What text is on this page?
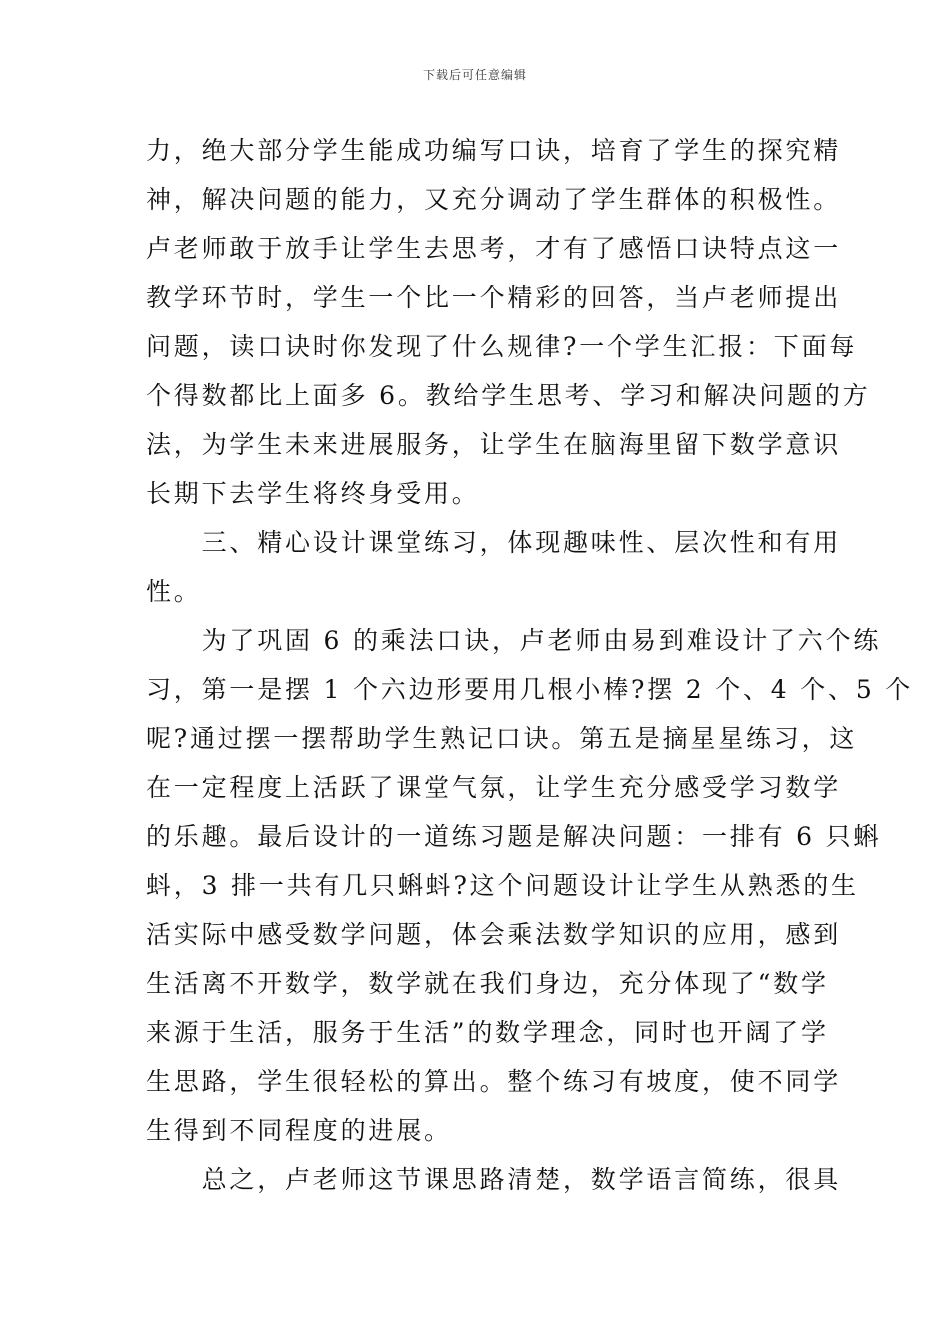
下载后可任意编辑
力，绝大部分学生能成功编写口诀，培育了学生的探究精
神，解决问题的能力，又充分调动了学生群体的积极性。
卢老师敢于放手让学生去思考，才有了感悟口诀特点这一
教学环节时，学生一个比一个精彩的回答，当卢老师提出
问题，读口诀时你发现了什么规律?一个学生汇报：下面每
个得数都比上面多 6。教给学生思考、学习和解决问题的方
法，为学生未来进展服务，让学生在脑海里留下数学意识
长期下去学生将终身受用。
　　三、精心设计课堂练习，体现趣味性、层次性和有用
性。
　　为了巩固 6 的乘法口诀，卢老师由易到难设计了六个练
习，第一是摆 1 个六边形要用几根小棒?摆 2 个、4 个、5 个
呢?通过摆一摆帮助学生熟记口诀。第五是摘星星练习，这
在一定程度上活跃了课堂气氛，让学生充分感受学习数学
的乐趣。最后设计的一道练习题是解决问题：一排有 6 只蝌
蚪，3 排一共有几只蝌蚪?这个问题设计让学生从熟悉的生
活实际中感受数学问题，体会乘法数学知识的应用，感到
生活离不开数学，数学就在我们身边，充分体现了“数学
来源于生活，服务于生活”的数学理念，同时也开阔了学
生思路，学生很轻松的算出。整个练习有坡度，使不同学
生得到不同程度的进展。
　　总之，卢老师这节课思路清楚，数学语言简练，很具
